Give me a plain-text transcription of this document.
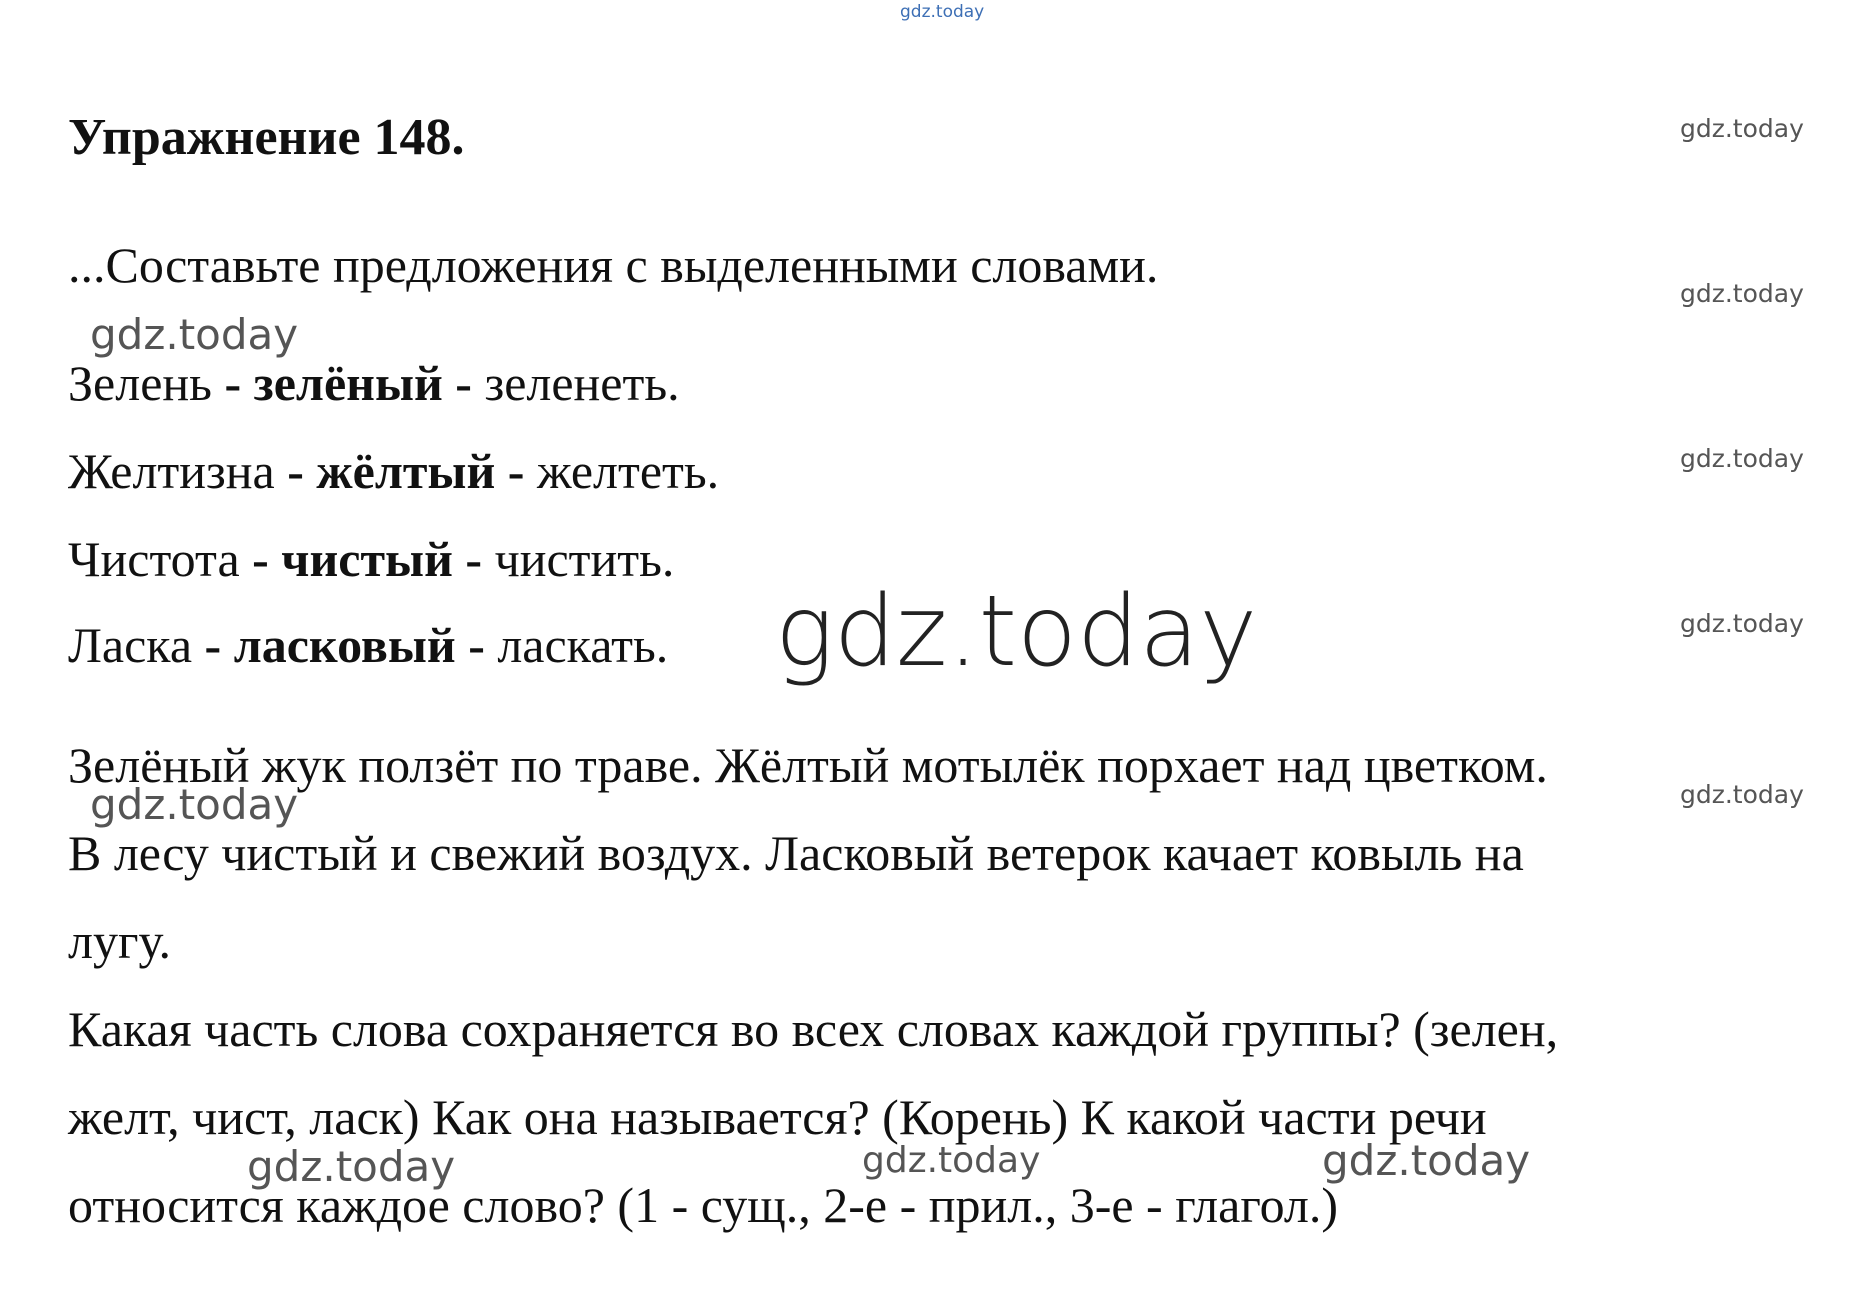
gdz.today
Упражнение 148.
...Составьте предложения с выделенными словами.
Зелень - зелёный - зеленеть.
Желтизна - жёлтый - желтеть.
Чистота - чистый - чистить.
Ласка - ласковый - ласкать.
Зелёный жук ползёт по траве. Жёлтый мотылёк порхает над цветком.
В лесу чистый и свежий воздух. Ласковый ветерок качает ковыль на
лугу.
Какая часть слова сохраняется во всех словах каждой группы? (зелен,
желт, чист, ласк) Как она называется? (Корень) К какой части речи
относится каждое слово? (1 - сущ., 2-е - прил., 3-е - глагол.)
gdz.today
gdz.today
gdz.today
gdz.today
gdz.today
gdz.today
gdz.today
gdz.today	gdz.today	gdz.today
gdz.today
